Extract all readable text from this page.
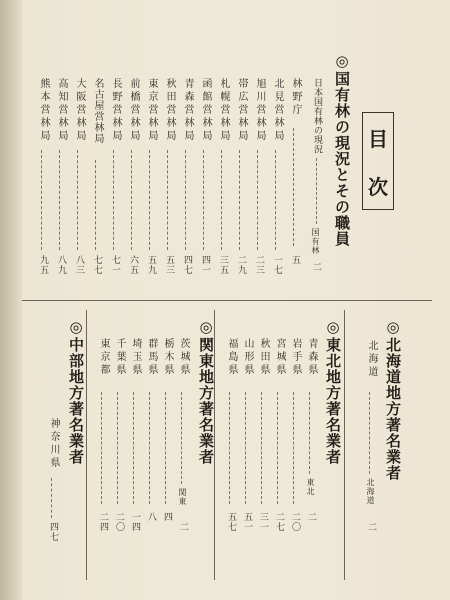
目
次
◎国有林の現況とその職員
日本国有林の現況
国有林
二
林野庁
五
北見営林局
一七
旭川営林局
二三
帯広営林局
二九
札幌営林局
三五
函館営林局
四一
青森営林局
四七
秋田営林局
五三
東京営林局
五九
前橋営林局
六五
長野営林局
七一
名古屋営林局
七七
大阪営林局
八三
高知営林局
八九
熊本営林局
九五
◎北海道地方著名業者
北海道
北海道
二
◎東北地方著名業者
青森県
岩手県
宮城県
秋田県
山形県
福島県
東北
二
二〇
二七
三一
五一
五七
◎関東地方著名業者
茨城県
栃木県
群馬県
埼玉県
千葉県
東京都
関東
二
四
八
一四
二〇
二四
◎中部地方著名業者
神奈川県
四七
